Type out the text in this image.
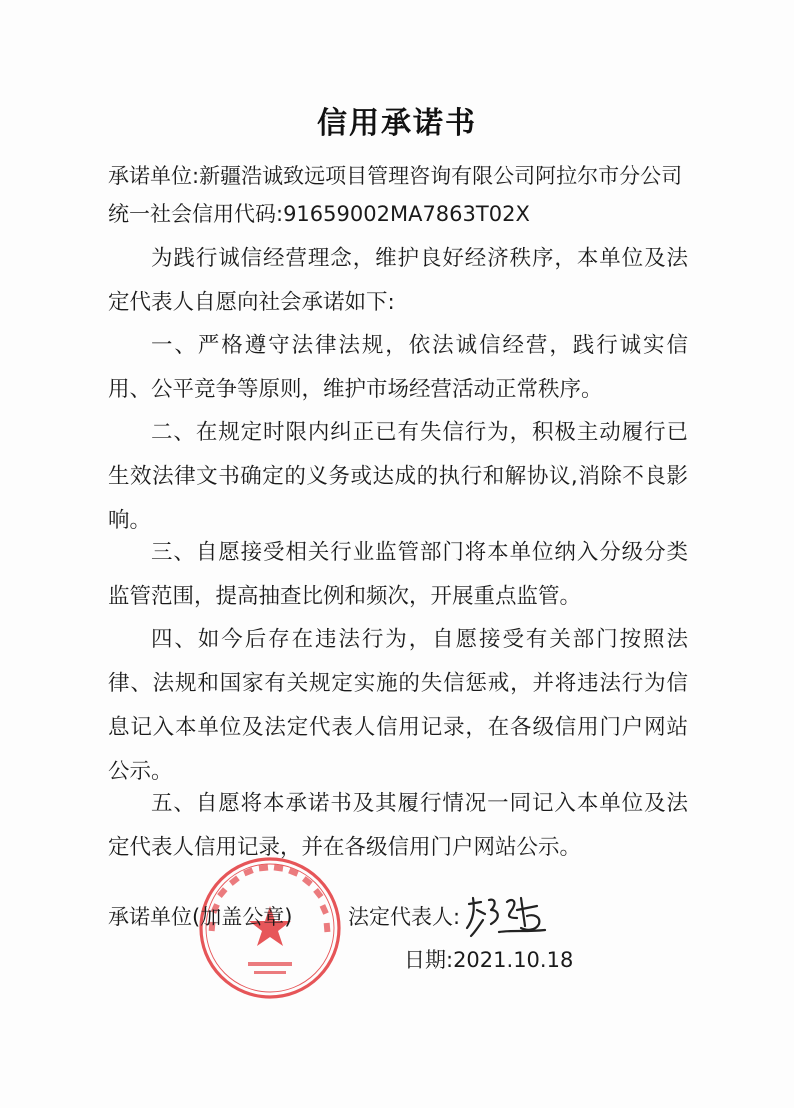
信用承诺书
承诺单位:新疆浩诚致远项目管理咨询有限公司阿拉尔市分公司
统一社会信用代码:91659002MA7863T02X
为践行诚信经营理念，维护良好经济秩序，本单位及法定代表人自愿向社会承诺如下:
一、严格遵守法律法规，依法诚信经营，践行诚实信用、公平竞争等原则，维护市场经营活动正常秩序。
二、在规定时限内纠正已有失信行为，积极主动履行已生效法律文书确定的义务或达成的执行和解协议,消除不良影响。
三、自愿接受相关行业监管部门将本单位纳入分级分类监管范围，提高抽查比例和频次，开展重点监管。
四、如今后存在违法行为，自愿接受有关部门按照法律、法规和国家有关规定实施的失信惩戒，并将违法行为信息记入本单位及法定代表人信用记录，在各级信用门户网站公示。
五、自愿将本承诺书及其履行情况一同记入本单位及法定代表人信用记录，并在各级信用门户网站公示。
承诺单位(加盖公章)	法定代表人:
日期:2021.10.18
